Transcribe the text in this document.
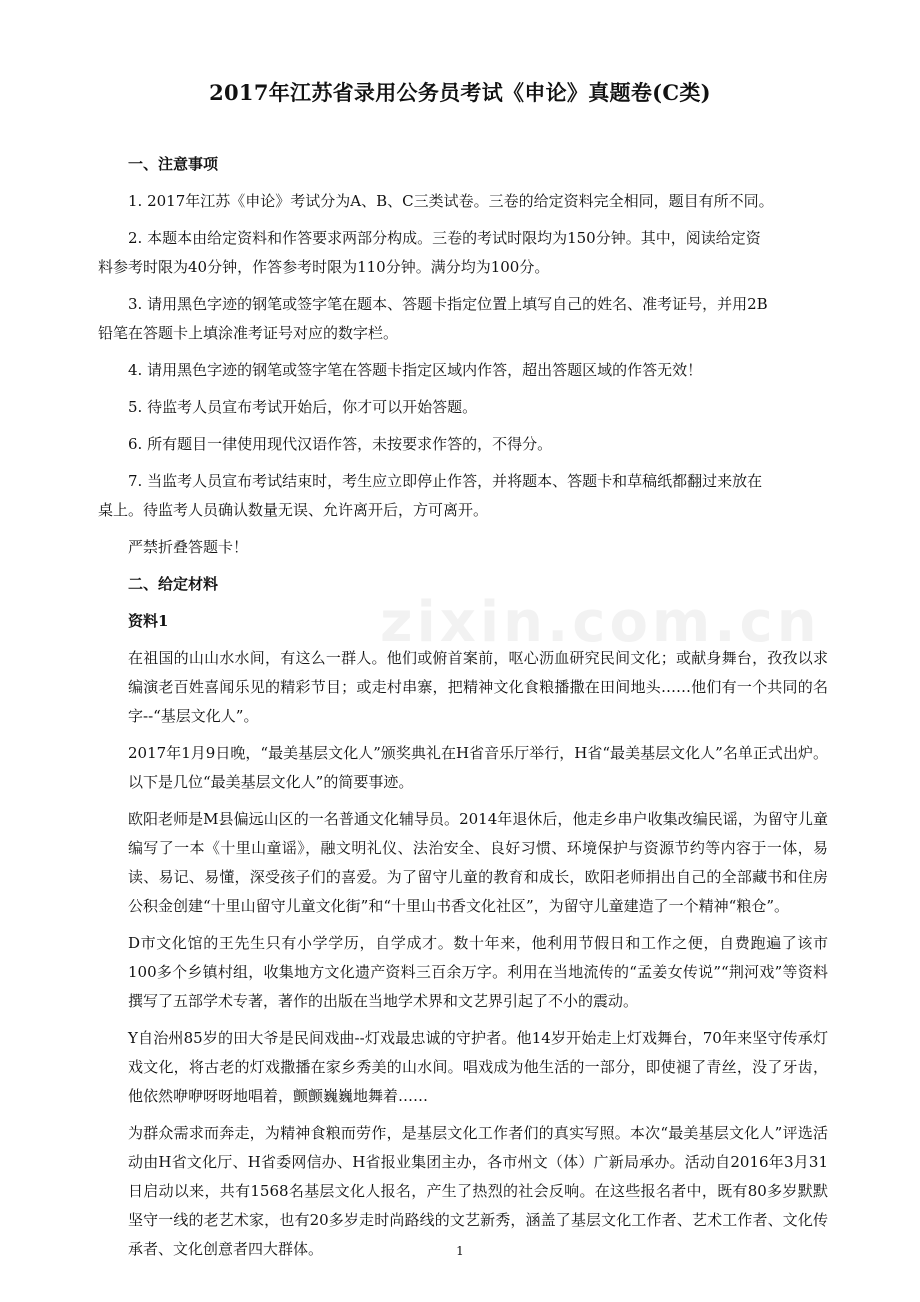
2017年江苏省录用公务员考试《申论》真题卷(C类)
zixin.com.cn

一、注意事项

1. 2017年江苏《申论》考试分为A、B、C三类试卷。三卷的给定资料完全相同，题目有所不同。

2. 本题本由给定资料和作答要求两部分构成。三卷的考试时限均为150分钟。其中，阅读给定资
料参考时限为40分钟，作答参考时限为110分钟。满分均为100分。

3. 请用黑色字迹的钢笔或签字笔在题本、答题卡指定位置上填写自己的姓名、准考证号，并用2B
铅笔在答题卡上填涂准考证号对应的数字栏。

4. 请用黑色字迹的钢笔或签字笔在答题卡指定区域内作答，超出答题区域的作答无效！

5. 待监考人员宣布考试开始后，你才可以开始答题。

6. 所有题目一律使用现代汉语作答，未按要求作答的，不得分。

7. 当监考人员宣布考试结束时，考生应立即停止作答，并将题本、答题卡和草稿纸都翻过来放在
桌上。待监考人员确认数量无误、允许离开后，方可离开。

严禁折叠答题卡！

二、给定材料

资料1

在祖国的山山水水间，有这么一群人。他们或俯首案前，呕心沥血研究民间文化；或献身舞台，孜孜以求编演老百姓喜闻乐见的精彩节目；或走村串寨，把精神文化食粮播撒在田间地头……他们有一个共同的名字--“基层文化人”。

2017年1月9日晚，“最美基层文化人”颁奖典礼在H省音乐厅举行，H省“最美基层文化人”名单正式出炉。以下是几位“最美基层文化人”的简要事迹。

欧阳老师是M县偏远山区的一名普通文化辅导员。2014年退休后，他走乡串户收集改编民谣，为留守儿童编写了一本《十里山童谣》，融文明礼仪、法治安全、良好习惯、环境保护与资源节约等内容于一体，易读、易记、易懂，深受孩子们的喜爱。为了留守儿童的教育和成长，欧阳老师捐出自己的全部藏书和住房公积金创建“十里山留守儿童文化街”和“十里山书香文化社区”，为留守儿童建造了一个精神“粮仓”。

D市文化馆的王先生只有小学学历，自学成才。数十年来，他利用节假日和工作之便，自费跑遍了该市100多个乡镇村组，收集地方文化遗产资料三百余万字。利用在当地流传的“孟姜女传说”“荆河戏”等资料撰写了五部学术专著，著作的出版在当地学术界和文艺界引起了不小的震动。

Y自治州85岁的田大爷是民间戏曲--灯戏最忠诚的守护者。他14岁开始走上灯戏舞台，70年来坚守传承灯戏文化，将古老的灯戏撒播在家乡秀美的山水间。唱戏成为他生活的一部分，即使褪了青丝，没了牙齿，他依然咿咿呀呀地唱着，颤颤巍巍地舞着……

为群众需求而奔走，为精神食粮而劳作，是基层文化工作者们的真实写照。本次“最美基层文化人”评选活动由H省文化厅、H省委网信办、H省报业集团主办，各市州文（体）广新局承办。活动自2016年3月31日启动以来，共有1568名基层文化人报名，产生了热烈的社会反响。在这些报名者中，既有80多岁默默坚守一线的老艺术家，也有20多岁走时尚路线的文艺新秀，涵盖了基层文化工作者、艺术工作者、文化传承者、文化创意者四大群体。	1
